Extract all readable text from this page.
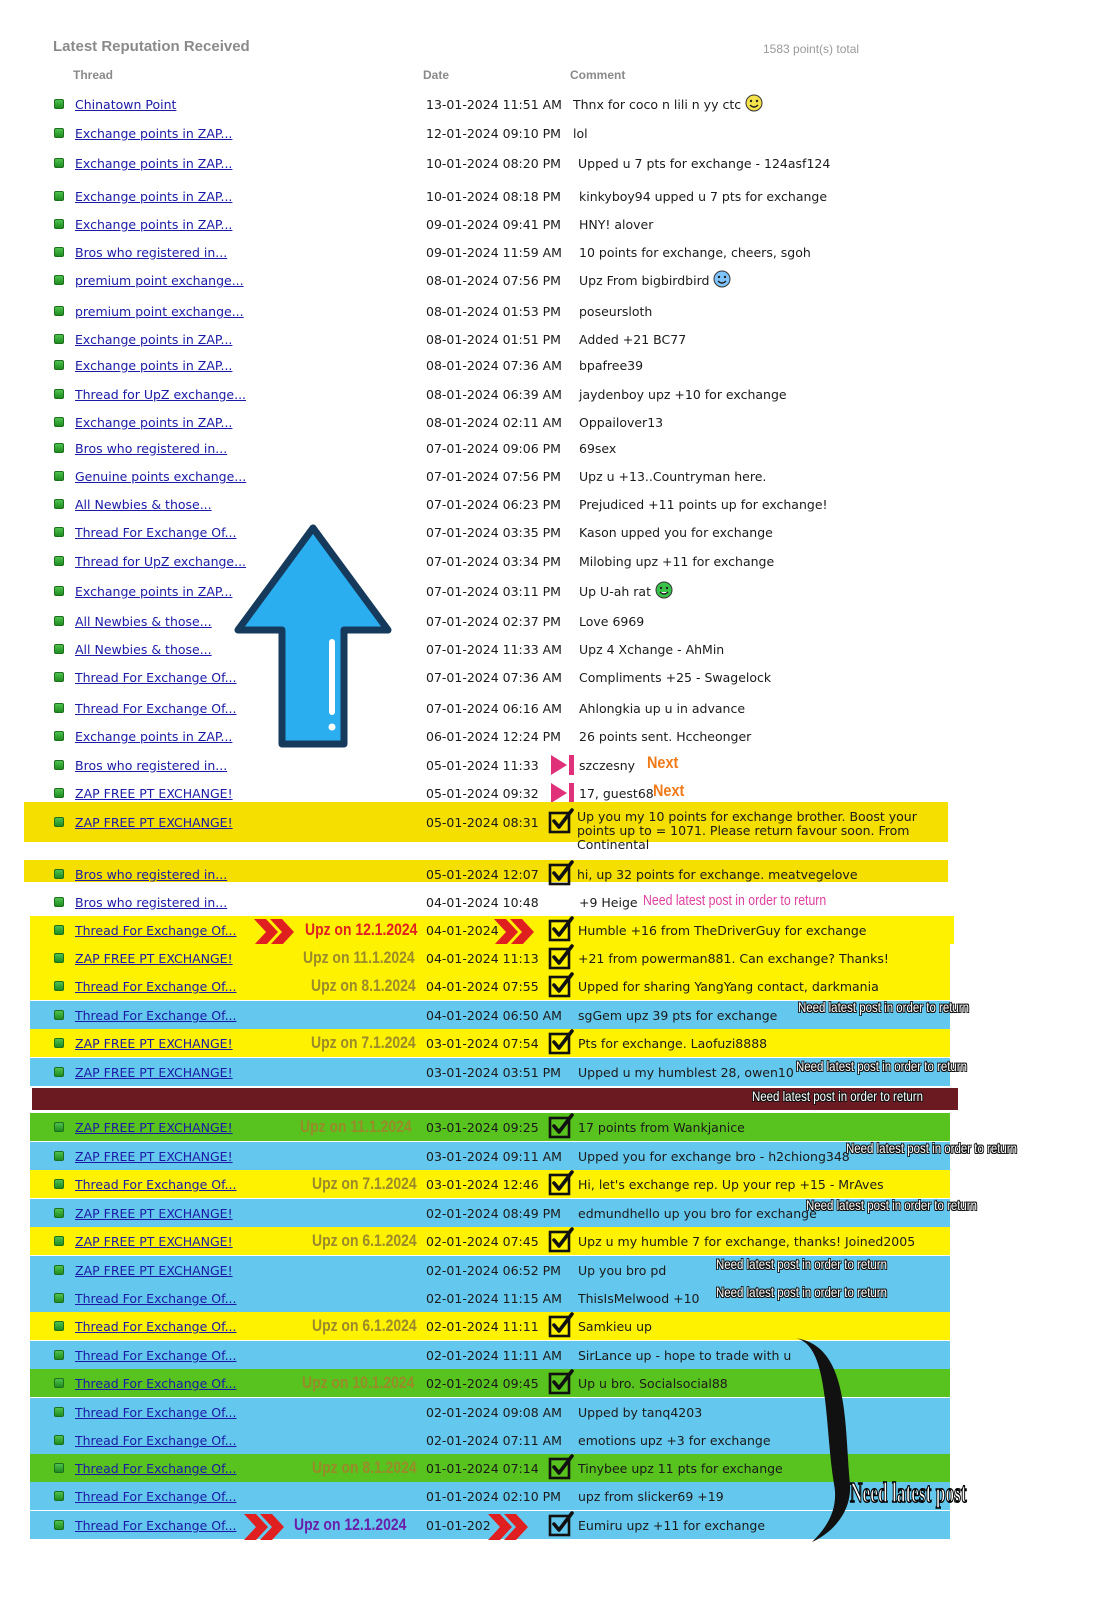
Latest Reputation Received	1583 point(s) total
Thread	Date	Comment
Chinatown Point	13-01-2024 11:51 AM Thnx for coco n lili n yy ctc
Exchange points in ZAP...	12-01-2024 09:10 PM lol
Exchange points in ZAP...	10-01-2024 08:20 PM Upped u 7 pts for exchange - 124asf124
Exchange points in ZAP...	10-01-2024 08:18 PM kinkyboy94 upped u 7 pts for exchange
Exchange points in ZAP...	09-01-2024 09:41 PM HNY! alover
Bros who registered in...	09-01-2024 11:59 AM 10 points for exchange, cheers, sgoh
premium point exchange...	08-01-2024 07:56 PM Upz From bigbirdbird
premium point exchange...	08-01-2024 01:53 PM poseursloth
Exchange points in ZAP...	08-01-2024 01:51 PM Added +21 BC77
Exchange points in ZAP...	08-01-2024 07:36 AM bpafree39
Thread for UpZ exchange...	08-01-2024 06:39 AM jaydenboy upz +10 for exchange
Exchange points in ZAP...	08-01-2024 02:11 AM Oppailover13
Bros who registered in...	07-01-2024 09:06 PM 69sex
Genuine points exchange...	07-01-2024 07:56 PM Upz u +13..Countryman here.
All Newbies & those...	07-01-2024 06:23 PM Prejudiced +11 points up for exchange!
Thread For Exchange Of...	07-01-2024 03:35 PM Kason upped you for exchange
Thread for UpZ exchange...	07-01-2024 03:34 PM Milobing upz +11 for exchange
Exchange points in ZAP...	07-01-2024 03:11 PM Up U-ah rat
All Newbies & those...	07-01-2024 02:37 PM Love 6969
All Newbies & those...	07-01-2024 11:33 AM Upz 4 Xchange - AhMin
Thread For Exchange Of...	07-01-2024 07:36 AM Compliments +25 - Swagelock
Thread For Exchange Of...	07-01-2024 06:16 AM Ahlongkia up u in advance
Exchange points in ZAP...	06-01-2024 12:24 PM 26 points sent. Hccheonger
Bros who registered in...	05-01-2024 11:33	szczesny Next
ZAP FREE PT EXCHANGE!	05-01-2024 09:32	17, guest68 Next
ZAP FREE PT EXCHANGE!	05-01-2024 08:31	Up you my 10 points for exchange brother. Boost your points up to = 1071. Please return favour soon. From Continental
Bros who registered in...	05-01-2024 12:07	hi, up 32 points for exchange. meatvegelove
Bros who registered in...	04-01-2024 10:48	+9 Heige Need latest post in order to return
Thread For Exchange Of...	04-01-2024	Humble +16 from TheDriverGuy for exchange
Upz on 12.1.2024
ZAP FREE PT EXCHANGE!	04-01-2024 11:13	+21 from powerman881. Can exchange? Thanks!
Upz on 11.1.2024
Thread For Exchange Of...	04-01-2024 07:55	Upped for sharing YangYang contact, darkmania
Upz on 8.1.2024
Thread For Exchange Of...	04-01-2024 06:50 AM sgGem upz 39 pts for exchange
Need latest post in order to return
ZAP FREE PT EXCHANGE!	03-01-2024 07:54	Pts for exchange. Laofuzi8888
Upz on 7.1.2024
ZAP FREE PT EXCHANGE!	03-01-2024 03:51 PM Upped u my humblest 28, owen10 Need latest post in order to return
Need latest post in order to return
ZAP FREE PT EXCHANGE!	03-01-2024 09:25	17 points from Wankjanice
Upz on 11.1.2024
ZAP FREE PT EXCHANGE!	03-01-2024 09:11 AM Upped you for exchange bro - h2chiong348
Need latest post in order to return
Thread For Exchange Of...	03-01-2024 12:46	Hi, let's exchange rep. Up your rep +15 - MrAves
Upz on 7.1.2024
ZAP FREE PT EXCHANGE!	02-01-2024 08:49 PM edmundhello up you bro for exchange
Need latest post in order to return
ZAP FREE PT EXCHANGE!	02-01-2024 07:45	Upz u my humble 7 for exchange, thanks! Joined2005
Upz on 6.1.2024
ZAP FREE PT EXCHANGE!	02-01-2024 06:52 PM Up you bro pd	Need latest post in order to return
Thread For Exchange Of...	02-01-2024 11:15 AM ThisIsMelwood +10 Need latest post in order to return
Thread For Exchange Of...	02-01-2024 11:11	Samkieu up
Upz on 6.1.2024
Thread For Exchange Of...	02-01-2024 11:11 AM SirLance up - hope to trade with u
Thread For Exchange Of...	02-01-2024 09:45	Up u bro. Socialsocial88
Upz on 10.1.2024
Thread For Exchange Of...	02-01-2024 09:08 AM Upped by tanq4203
Thread For Exchange Of...	02-01-2024 07:11 AM emotions upz +3 for exchange
Thread For Exchange Of...	01-01-2024 07:14	Tinybee upz 11 pts for exchange
Upz on 8.1.2024
Thread For Exchange Of...	01-01-2024 02:10 PM upz from slicker69 +19
Thread For Exchange Of...	01-01-202	Eumiru upz +11 for exchange
Upz on 12.1.2024
Need latest post
